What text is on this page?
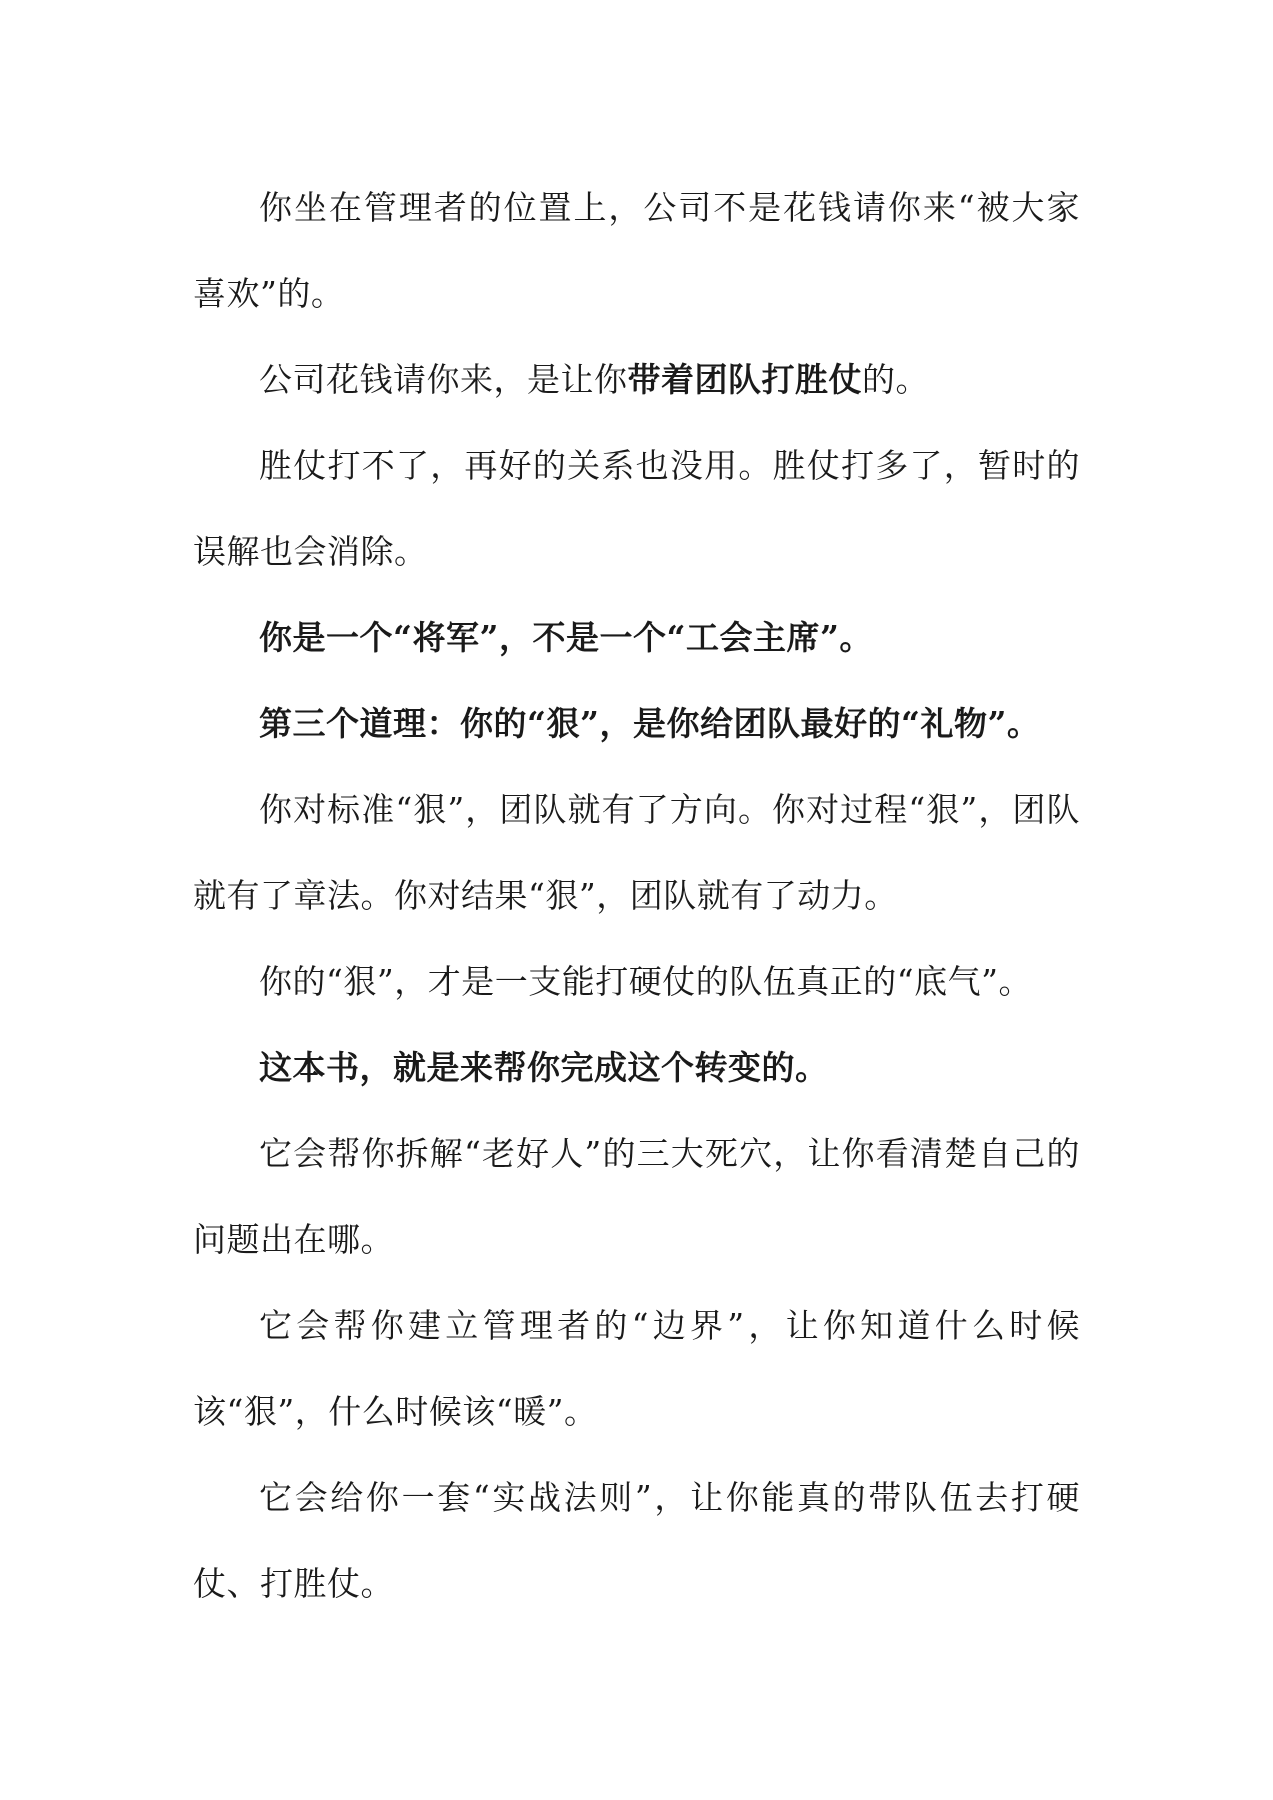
你坐在管理者的位置上，公司不是花钱请你来“被大家喜欢”的。

公司花钱请你来，是让你带着团队打胜仗的。

胜仗打不了，再好的关系也没用。胜仗打多了，暂时的误解也会消除。

你是一个“将军”，不是一个“工会主席”。

第三个道理：你的“狠”，是你给团队最好的“礼物”。

你对标准“狠”，团队就有了方向。你对过程“狠”，团队就有了章法。你对结果“狠”，团队就有了动力。

你的“狠”，才是一支能打硬仗的队伍真正的“底气”。

这本书，就是来帮你完成这个转变的。

它会帮你拆解“老好人”的三大死穴，让你看清楚自己的问题出在哪。

它会帮你建立管理者的“边界”，让你知道什么时候该“狠”，什么时候该“暖”。

它会给你一套“实战法则”，让你能真的带队伍去打硬仗、打胜仗。
